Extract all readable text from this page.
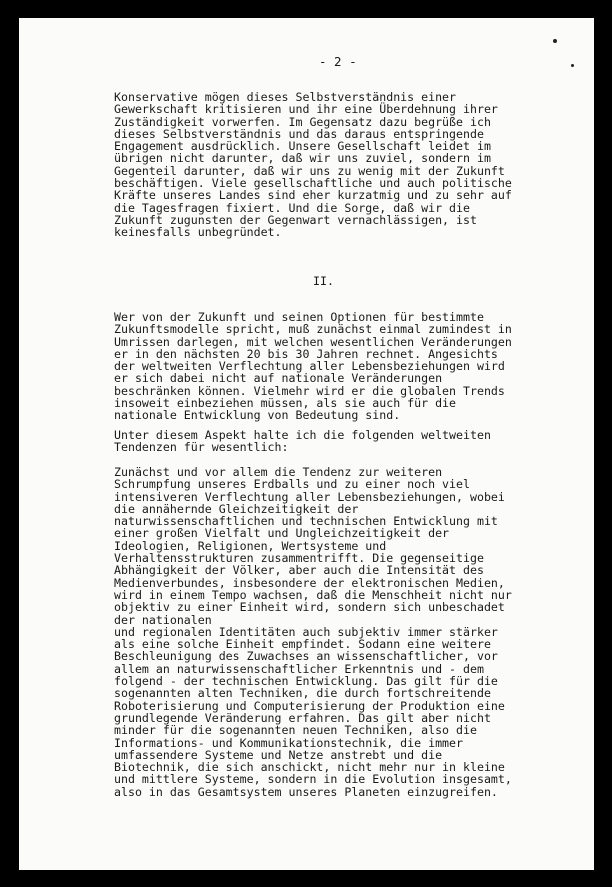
- 2 -

Konservative mögen dieses Selbstverständnis einer
Gewerkschaft kritisieren und ihr eine Überdehnung ihrer
Zuständigkeit vorwerfen. Im Gegensatz dazu begrüße ich
dieses Selbstverständnis und das daraus entspringende
Engagement ausdrücklich. Unsere Gesellschaft leidet im
übrigen nicht darunter, daß wir uns zuviel, sondern im
Gegenteil darunter, daß wir uns zu wenig mit der Zukunft
beschäftigen. Viele gesellschaftliche und auch politische
Kräfte unseres Landes sind eher kurzatmig und zu sehr auf
die Tagesfragen fixiert. Und die Sorge, daß wir die
Zukunft zugunsten der Gegenwart vernachlässigen, ist
keinesfalls unbegründet.

II.

Wer von der Zukunft und seinen Optionen für bestimmte
Zukunftsmodelle spricht, muß zunächst einmal zumindest in
Umrissen darlegen, mit welchen wesentlichen Veränderungen
er in den nächsten 20 bis 30 Jahren rechnet. Angesichts
der weltweiten Verflechtung aller Lebensbeziehungen wird
er sich dabei nicht auf nationale Veränderungen
beschränken können. Vielmehr wird er die globalen Trends
insoweit einbeziehen müssen, als sie auch für die
nationale Entwicklung von Bedeutung sind.

Unter diesem Aspekt halte ich die folgenden weltweiten
Tendenzen für wesentlich:

Zunächst und vor allem die Tendenz zur weiteren
Schrumpfung unseres Erdballs und zu einer noch viel
intensiveren Verflechtung aller Lebensbeziehungen, wobei
die annähernde Gleichzeitigkeit der
naturwissenschaftlichen und technischen Entwicklung mit
einer großen Vielfalt und Ungleichzeitigkeit der
Ideologien, Religionen, Wertsysteme und
Verhaltensstrukturen zusammentrifft. Die gegenseitige
Abhängigkeit der Völker, aber auch die Intensität des
Medienverbundes, insbesondere der elektronischen Medien,
wird in einem Tempo wachsen, daß die Menschheit nicht nur
objektiv zu einer Einheit wird, sondern sich unbeschadet
der nationalen
und regionalen Identitäten auch subjektiv immer stärker
als eine solche Einheit empfindet. Sodann eine weitere
Beschleunigung des Zuwachses an wissenschaftlicher, vor
allem an naturwissenschaftlicher Erkenntnis und - dem
folgend - der technischen Entwicklung. Das gilt für die
sogenannten alten Techniken, die durch fortschreitende
Roboterisierung und Computerisierung der Produktion eine
grundlegende Veränderung erfahren. Das gilt aber nicht
minder für die sogenannten neuen Techniken, also die
Informations- und Kommunikationstechnik, die immer
umfassendere Systeme und Netze anstrebt und die
Biotechnik, die sich anschickt, nicht mehr nur in kleine
und mittlere Systeme, sondern in die Evolution insgesamt,
also in das Gesamtsystem unseres Planeten einzugreifen.
